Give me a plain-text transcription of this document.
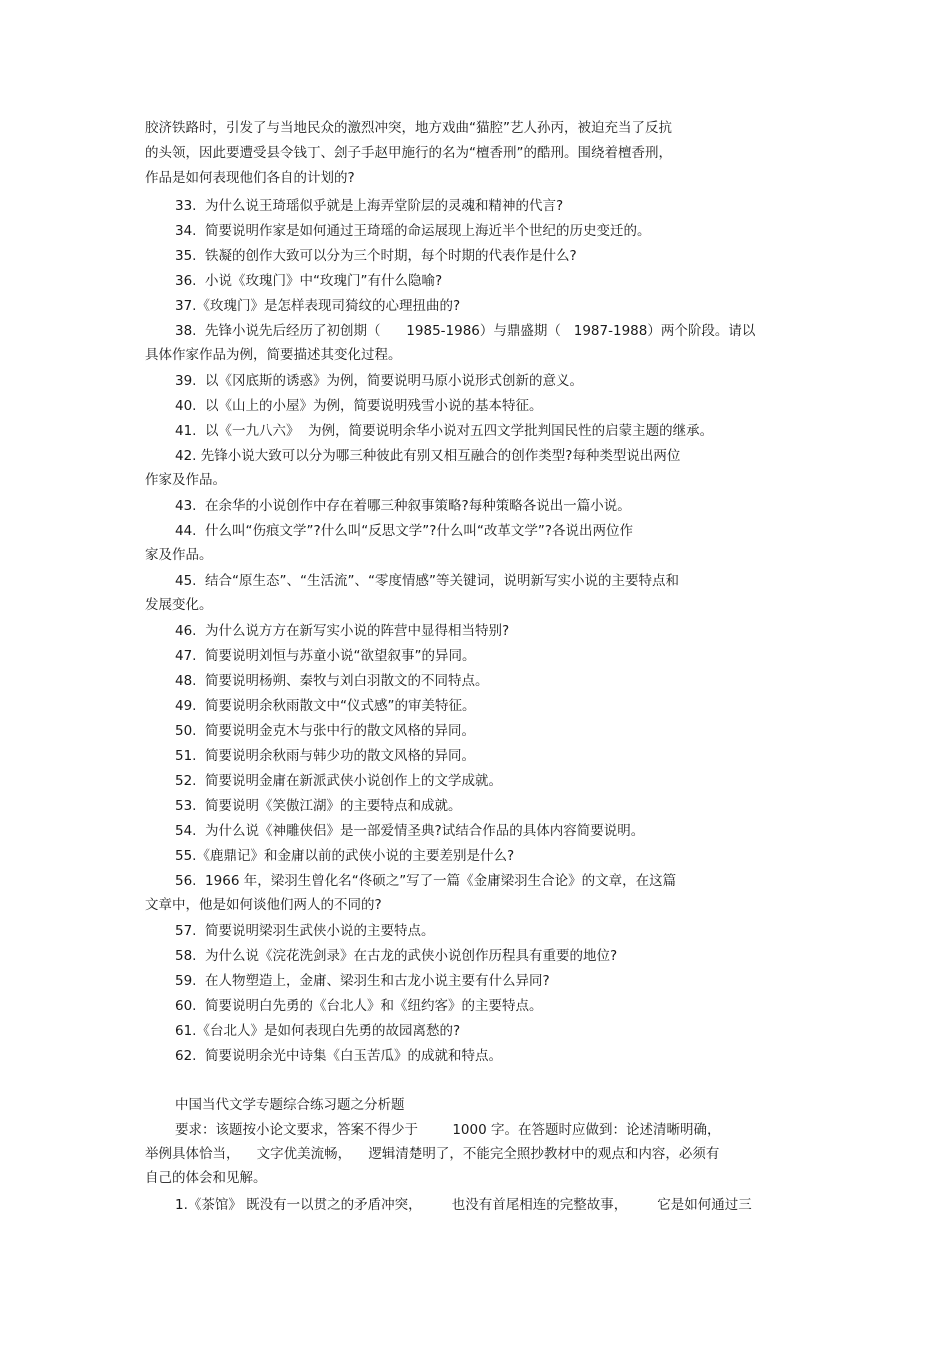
胶济铁路时，引发了与当地民众的激烈冲突，地方戏曲“猫腔”艺人孙丙，被迫充当了反抗
的头领，因此要遭受县令钱丁、刽子手赵甲施行的名为“檀香刑”的酷刑。围绕着檀香刑，
作品是如何表现他们各自的计划的?
33.  为什么说王琦瑶似乎就是上海弄堂阶层的灵魂和精神的代言?
34.  简要说明作家是如何通过王琦瑶的命运展现上海近半个世纪的历史变迁的。
35.  铁凝的创作大致可以分为三个时期，每个时期的代表作是什么?
36.  小说《玫瑰门》中“玫瑰门”有什么隐喻?
37.《玫瑰门》是怎样表现司猗纹的心理扭曲的?
38.  先锋小说先后经历了初创期（      1985-1986）与鼎盛期（   1987-1988）两个阶段。请以
具体作家作品为例，简要描述其变化过程。
39.  以《冈底斯的诱惑》为例，简要说明马原小说形式创新的意义。
40.  以《山上的小屋》为例，简要说明残雪小说的基本特征。
41.  以《一九八六》  为例，简要说明余华小说对五四文学批判国民性的启蒙主题的继承。
42. 先锋小说大致可以分为哪三种彼此有别又相互融合的创作类型?每种类型说出两位
作家及作品。
43.  在余华的小说创作中存在着哪三种叙事策略?每种策略各说出一篇小说。
44.  什么叫“伤痕文学”?什么叫“反思文学”?什么叫“改革文学”?各说出两位作
家及作品。
45.  结合“原生态”、“生活流”、“零度情感”等关键词，说明新写实小说的主要特点和
发展变化。
46.  为什么说方方在新写实小说的阵营中显得相当特别?
47.  简要说明刘恒与苏童小说“欲望叙事”的异同。
48.  简要说明杨朔、秦牧与刘白羽散文的不同特点。
49.  简要说明余秋雨散文中“仪式感”的审美特征。
50.  简要说明金克木与张中行的散文风格的异同。
51.  简要说明余秋雨与韩少功的散文风格的异同。
52.  简要说明金庸在新派武侠小说创作上的文学成就。
53.  简要说明《笑傲江湖》的主要特点和成就。
54.  为什么说《神雕侠侣》是一部爱情圣典?试结合作品的具体内容简要说明。
55.《鹿鼎记》和金庸以前的武侠小说的主要差别是什么?
56.  1966 年，梁羽生曾化名“佟硕之”写了一篇《金庸梁羽生合论》的文章，在这篇
文章中，他是如何谈他们两人的不同的?
57.  简要说明梁羽生武侠小说的主要特点。
58.  为什么说《浣花洗剑录》在古龙的武侠小说创作历程具有重要的地位?
59.  在人物塑造上，金庸、梁羽生和古龙小说主要有什么异同?
60.  简要说明白先勇的《台北人》和《纽约客》的主要特点。
61.《台北人》是如何表现白先勇的故园离愁的?
62.  简要说明余光中诗集《白玉苦瓜》的成就和特点。
中国当代文学专题综合练习题之分析题
要求：该题按小论文要求，答案不得少于        1000 字。在答题时应做到：论述清晰明确，
举例具体恰当，    文字优美流畅，    逻辑清楚明了，不能完全照抄教材中的观点和内容，必须有
自己的体会和见解。
1.《茶馆》 既没有一以贯之的矛盾冲突，       也没有首尾相连的完整故事，       它是如何通过三
